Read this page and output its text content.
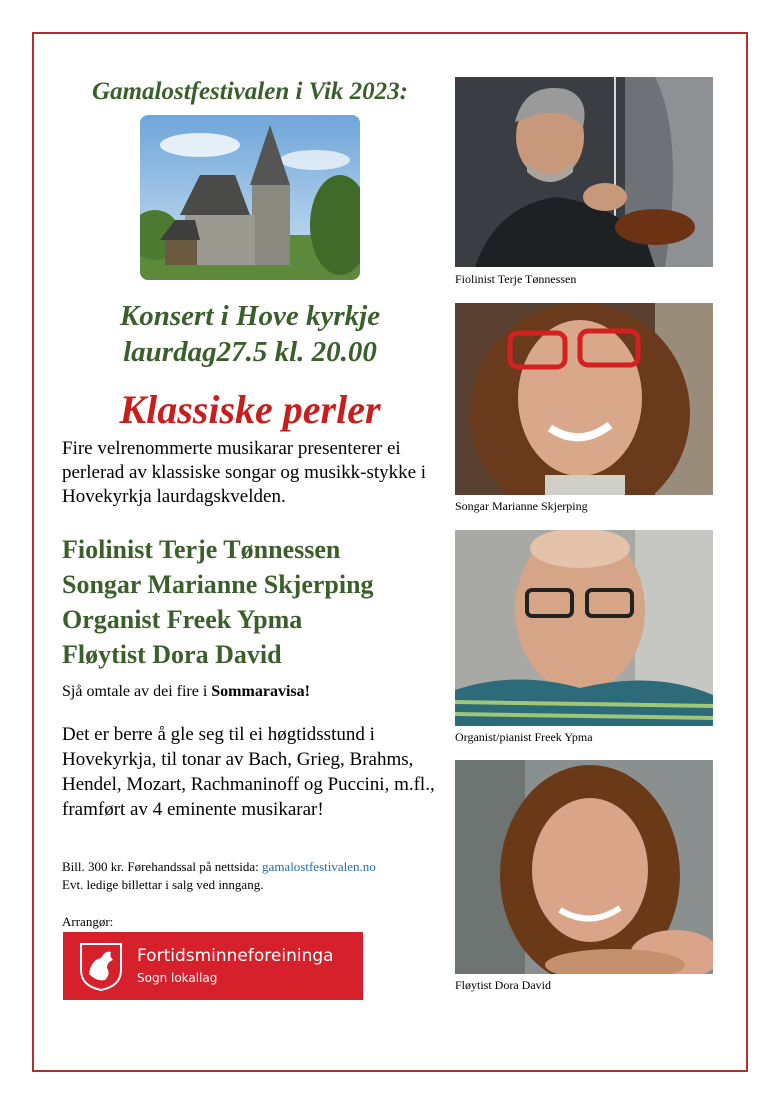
Gamalostfestivalen i Vik 2023:
Konsert i Hove kyrkje
laurdag27.5 kl. 20.00
Klassiske perler
Fire velrenommerte musikarar presenterer ei perlerad av klassiske songar og musikk-stykke i Hovekyrkja laurdagskvelden.
Fiolinist Terje Tønnessen
Songar Marianne Skjerping
Organist Freek Ypma
Fløytist Dora David
Sjå omtale av dei fire i Sommaravisa!
Det er berre å gle seg til ei høgtidsstund i Hovekyrkja, til tonar av Bach, Grieg, Brahms, Hendel, Mozart, Rachmaninoff og Puccini, m.fl., framført av 4 eminente musikarar!
Bill. 300 kr. Førehandssal på nettsida: gamalostfestivalen.no
Evt. ledige billettar i salg ved inngang.
Arrangør:
Fortidsminneforeininga
Sogn lokallag
Fiolinist Terje Tønnessen
Songar Marianne Skjerping
Organist/pianist Freek Ypma
Fløytist Dora David
